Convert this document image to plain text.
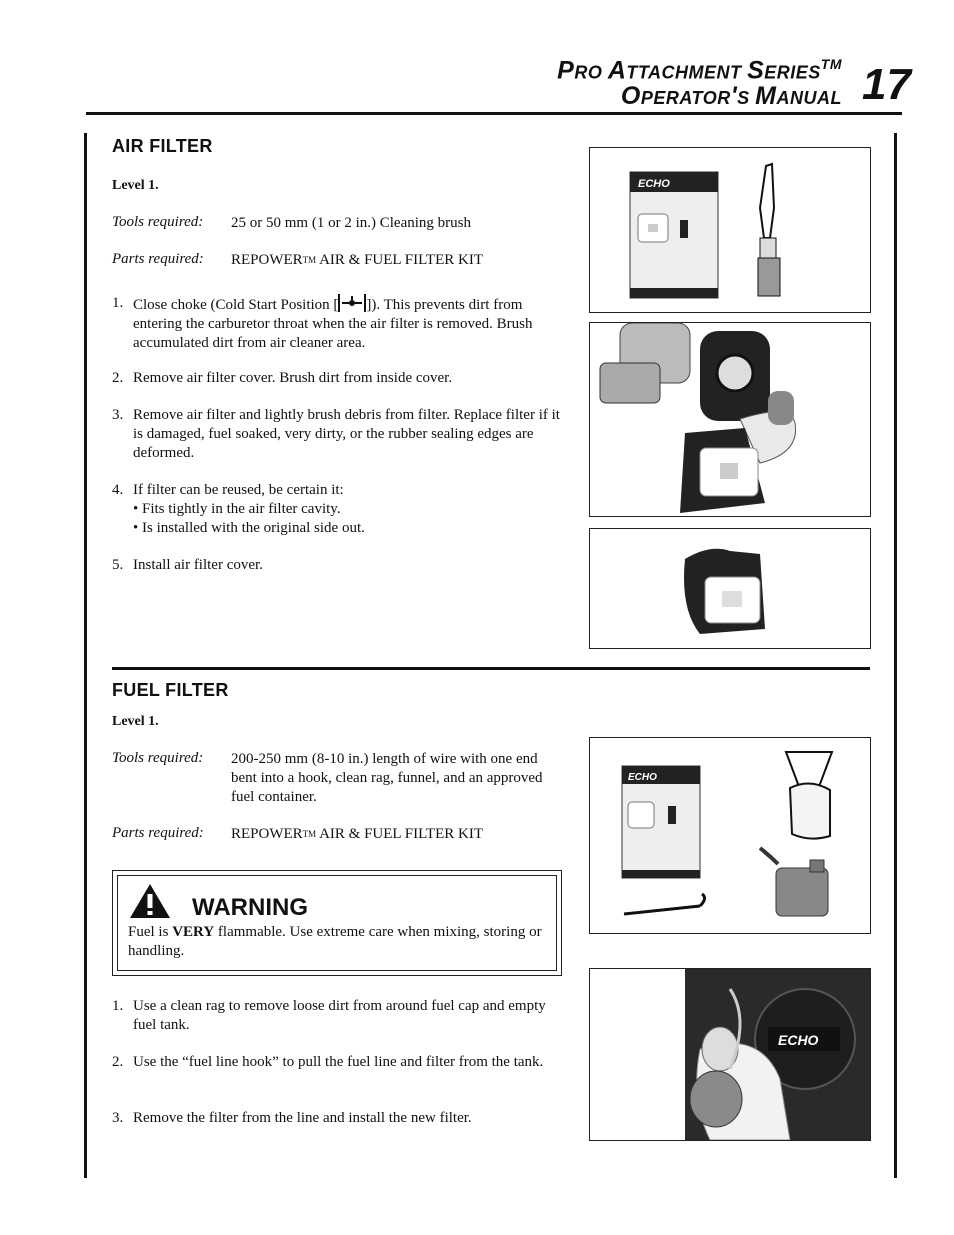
PRO ATTACHMENT SERIES™
OPERATOR'S MANUAL 17
AIR FILTER
Level 1.
Tools required: 25 or 50 mm (1 or 2 in.) Cleaning brush
Parts required: REPOWER™ AIR & FUEL FILTER KIT
1. Close choke (Cold Start Position [ ]). This prevents dirt from entering the carburetor throat when the air filter is removed. Brush accumulated dirt from air cleaner area.
2. Remove air filter cover. Brush dirt from inside cover.
3. Remove air filter and lightly brush debris from filter. Replace filter if it is damaged, fuel soaked, very dirty, or the rubber sealing edges are deformed.
4. If filter can be reused, be certain it:
• Fits tightly in the air filter cavity.
• Is installed with the original side out.
5. Install air filter cover.
ECHO
FUEL FILTER
Level 1.
Tools required: 200-250 mm (8-10 in.) length of wire with one end bent into a hook, clean rag, funnel, and an approved fuel container.
Parts required: REPOWER™ AIR & FUEL FILTER KIT
WARNING
Fuel is VERY flammable. Use extreme care when mixing, storing or handling.
1. Use a clean rag to remove loose dirt from around fuel cap and empty fuel tank.
2. Use the “fuel line hook” to pull the fuel line and filter from the tank.
3. Remove the filter from the line and install the new filter.
ECHO
ECHO
